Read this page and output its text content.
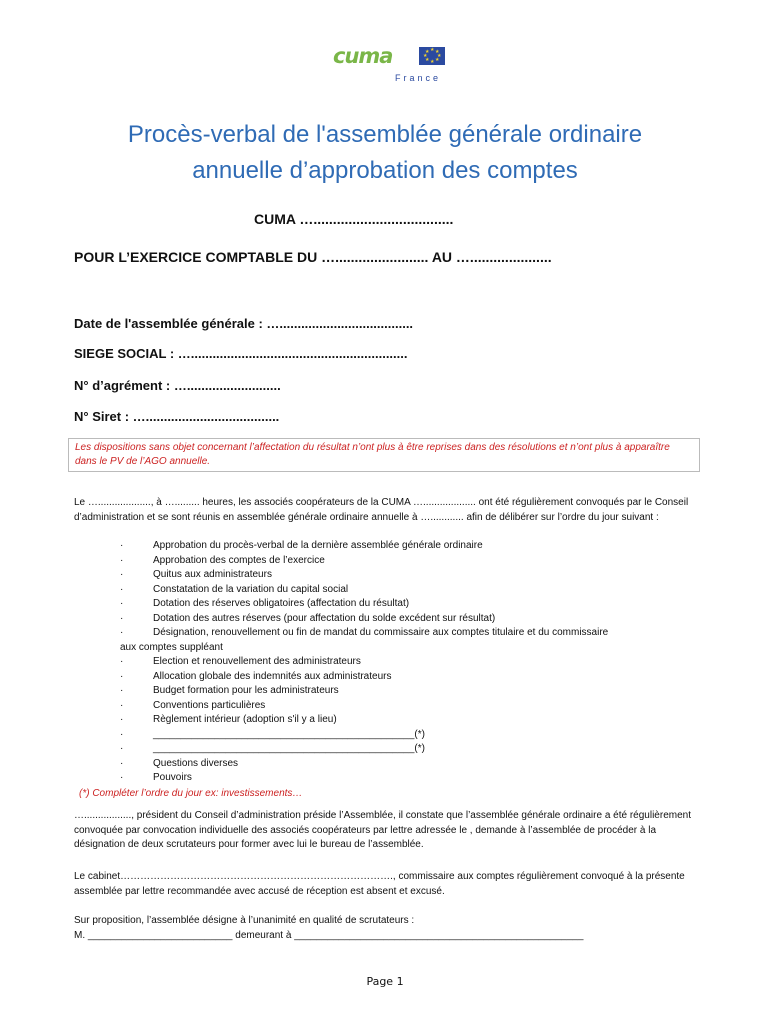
cuma	★ ★
★
★
★
★
★
★
France
Procès-verbal de l'assemblée générale ordinaire
annuelle d’approbation des comptes
CUMA …....................................
POUR L’EXERCICE COMPTABLE DU …........................ AU ….....................
Date de l'assemblée générale : ….....................................
SIEGE SOCIAL : …............................................................
N° d’agrément : …..........................
N° Siret : ….....................................
Les dispositions sans objet concernant l’affectation du résultat n’ont plus à être reprises dans des résolutions et n’ont plus à apparaître dans le PV de l’AGO annuelle.
Le …..................., à …......... heures, les associés coopérateurs de la CUMA …................... ont été régulièrement convoqués par le Conseil d’administration et se sont réunis en assemblée générale ordinaire annuelle à …............ afin de délibérer sur l’ordre du jour suivant :
·	Approbation du procès-verbal de la dernière assemblée générale ordinaire
·	Approbation des comptes de l’exercice
·	Quitus aux administrateurs
·	Constatation de la variation du capital social
·	Dotation des réserves obligatoires (affectation du résultat)
·	Dotation des autres réserves (pour affectation du solde excédent sur résultat)
·	Désignation, renouvellement ou fin de mandat du commissaire aux comptes titulaire et du commissaire
aux comptes suppléant
·	Election et renouvellement des administrateurs
·	Allocation globale des indemnités aux administrateurs
·	Budget formation pour les administrateurs
·	Conventions particulières
·	Règlement intérieur (adoption s'il y a lieu)
·	_______________________________________________(*)
·	_______________________________________________(*)
·	Questions diverses
·	Pouvoirs
(*) Compléter l’ordre du jour ex: investissements…
…................., président du Conseil d’administration préside l’Assemblée, il constate que l’assemblée générale ordinaire a été régulièrement convoquée par convocation individuelle des associés coopérateurs par lettre adressée le , demande à l’assemblée de procéder à la désignation de deux scrutateurs pour former avec lui le bureau de l’assemblée.
Le cabinet………………………………………………………………………., commissaire aux comptes régulièrement convoqué à la présente assemblée par lettre recommandée avec accusé de réception est absent et excusé.
Sur proposition, l’assemblée désigne à l’unanimité en qualité de scrutateurs :
M. __________________________ demeurant à ____________________________________________________
Page 1
